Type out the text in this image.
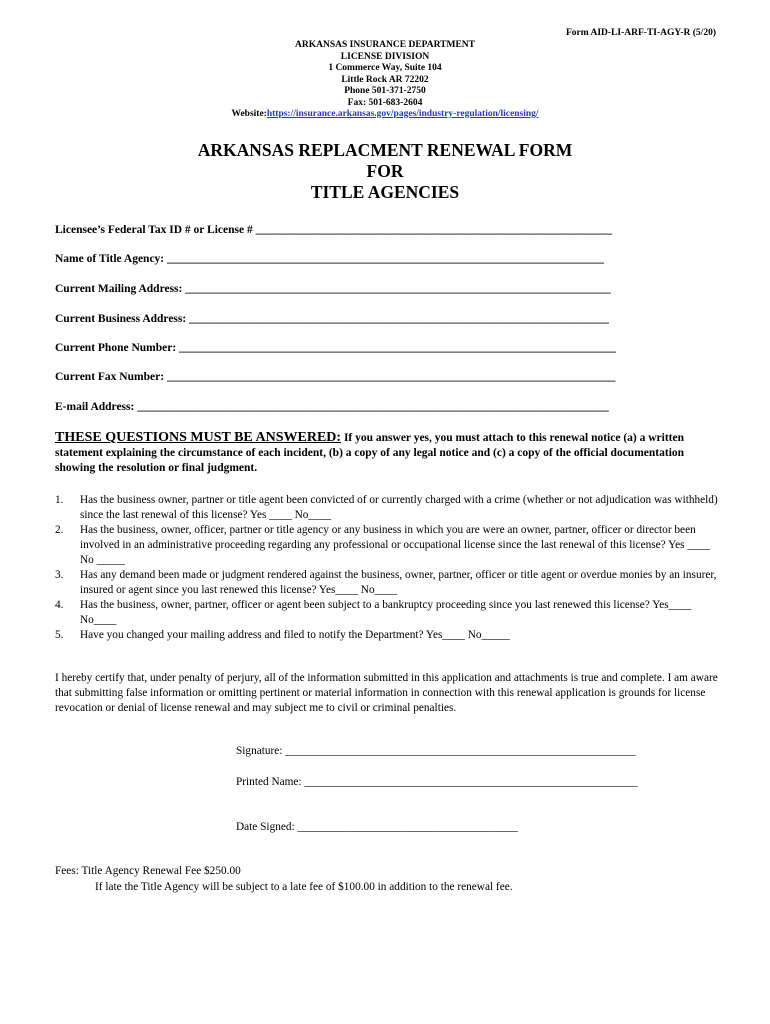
Form AID-LI-ARF-TI-AGY-R (5/20)
ARKANSAS INSURANCE DEPARTMENT
LICENSE DIVISION
1 Commerce Way, Suite 104
Little Rock AR 72202
Phone 501-371-2750
Fax: 501-683-2604
Website:https://insurance.arkansas.gov/pages/industry-regulation/licensing/
ARKANSAS REPLACMENT RENEWAL FORM
FOR
TITLE AGENCIES
Licensee’s Federal Tax ID # or License # ______________________________________________________________
Name of Title Agency: ____________________________________________________________________________
Current Mailing Address: __________________________________________________________________________
Current Business Address: _________________________________________________________________________
Current Phone Number: ____________________________________________________________________________
Current Fax Number: ______________________________________________________________________________
E-mail Address: __________________________________________________________________________________
THESE QUESTIONS MUST BE ANSWERED: If you answer yes, you must attach to this renewal notice (a) a written statement explaining the circumstance of each incident, (b) a copy of any legal notice and (c) a copy of the official documentation showing the resolution or final judgment.
1. Has the business owner, partner or title agent been convicted of or currently charged with a crime (whether or not adjudication was withheld) since the last renewal of this license? Yes ____ No____
2. Has the business, owner, officer, partner or title agency or any business in which you are were an owner, partner, officer or director been involved in an administrative proceeding regarding any professional or occupational license since the last renewal of this license? Yes ____ No _____
3. Has any demand been made or judgment rendered against the business, owner, partner, officer or title agent or overdue monies by an insurer, insured or agent since you last renewed this license? Yes____ No____
4. Has the business, owner, partner, officer or agent been subject to a bankruptcy proceeding since you last renewed this license? Yes____ No____
5. Have you changed your mailing address and filed to notify the Department? Yes____ No_____
I hereby certify that, under penalty of perjury, all of the information submitted in this application and attachments is true and complete. I am aware that submitting false information or omitting pertinent or material information in connection with this renewal application is grounds for license revocation or denial of license renewal and may subject me to civil or criminal penalties.
Signature: ______________________________________________________________
Printed Name: ___________________________________________________________
Date Signed: _______________________________________
Fees: Title Agency Renewal Fee $250.00
If late the Title Agency will be subject to a late fee of $100.00 in addition to the renewal fee.
